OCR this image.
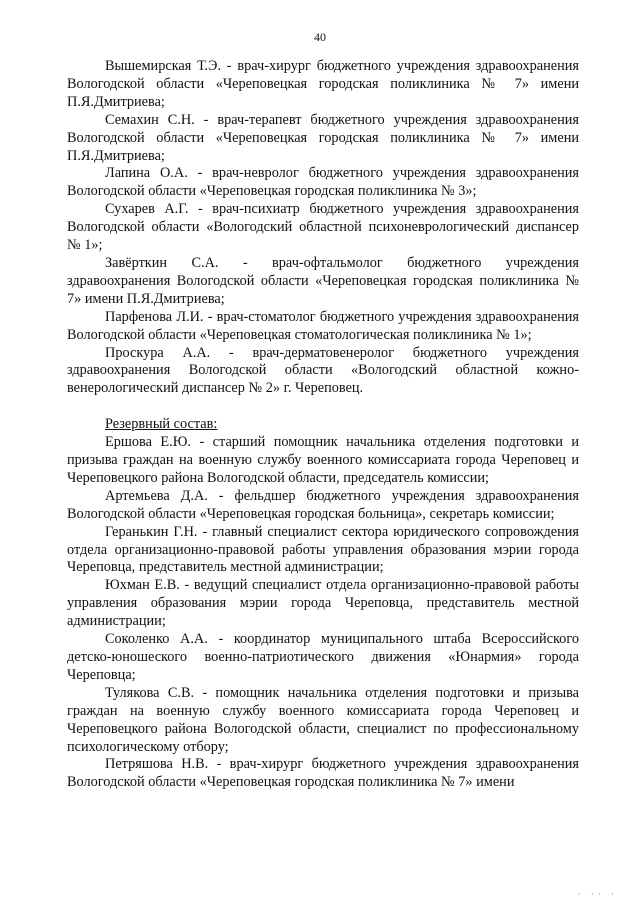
40

Вышемирская Т.Э. - врач-хирург бюджетного учреждения здравоохранения Вологодской области «Череповецкая городская поликлиника № 7» имени П.Я.Дмитриева;

Семахин С.Н. - врач-терапевт бюджетного учреждения здравоохранения Вологодской области «Череповецкая городская поликлиника № 7» имени П.Я.Дмитриева;

Лапина О.А. - врач-невролог бюджетного учреждения здравоохранения Вологодской области «Череповецкая городская поликлиника № 3»;

Сухарев А.Г. - врач-психиатр бюджетного учреждения здравоохранения Вологодской области «Вологодский областной психоневрологический диспансер № 1»;

Завёрткин С.А. - врач-офтальмолог бюджетного учреждения здравоохранения Вологодской области «Череповецкая городская поликлиника № 7» имени П.Я.Дмитриева;

Парфенова Л.И. - врач-стоматолог бюджетного учреждения здравоохранения Вологодской области «Череповецкая стоматологическая поликлиника № 1»;

Проскура А.А. - врач-дерматовенеролог бюджетного учреждения здравоохранения Вологодской области «Вологодский областной кожно-венерологический диспансер № 2» г. Череповец.

Резервный состав:

Ершова Е.Ю. - старший помощник начальника отделения подготовки и призыва граждан на военную службу военного комиссариата города Череповец и Череповецкого района Вологодской области, председатель комиссии;

Артемьева Д.А. - фельдшер бюджетного учреждения здравоохранения Вологодской области «Череповецкая городская больница», секретарь комиссии;

Геранькин Г.Н. - главный специалист сектора юридического сопровождения отдела организационно-правовой работы управления образования мэрии города Череповца, представитель местной администрации;

Юхман Е.В. - ведущий специалист отдела организационно-правовой работы управления образования мэрии города Череповца, представитель местной администрации;

Соколенко А.А. - координатор муниципального штаба Всероссийского детско-юношеского военно-патриотического движения «Юнармия» города Череповца;

Тулякова С.В. - помощник начальника отделения подготовки и призыва граждан на военную службу военного комиссариата города Череповец и Череповецкого района Вологодской области, специалист по профессиональному психологическому отбору;

Петряшова Н.В. - врач-хирург бюджетного учреждения здравоохранения Вологодской области «Череповецкая городская поликлиника № 7» имени

· ·· ·
